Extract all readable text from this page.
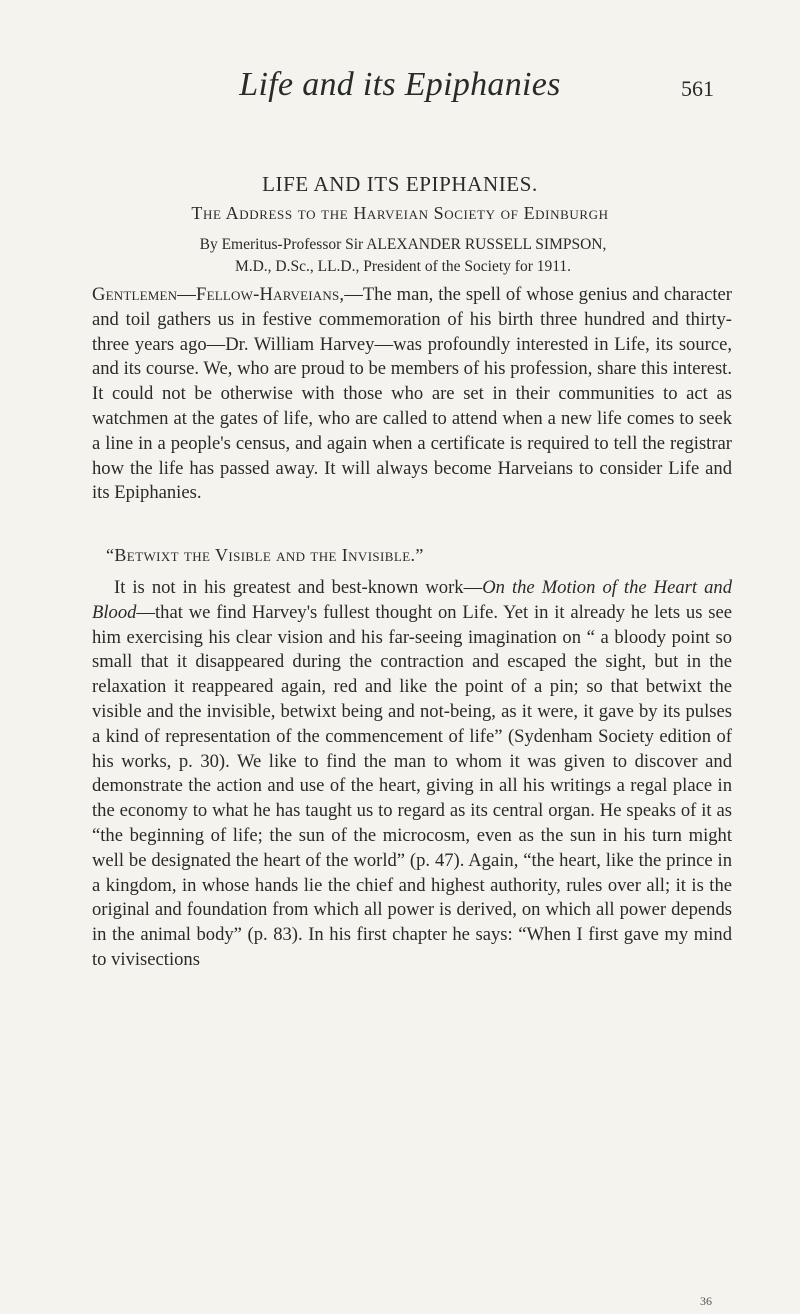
Life and its Epiphanies	561
LIFE AND ITS EPIPHANIES.
The Address to the Harveian Society of Edinburgh
By Emeritus-Professor Sir ALEXANDER RUSSELL SIMPSON,
M.D., D.Sc., LL.D., President of the Society for 1911.
Gentlemen—Fellow-Harveians,—The man, the spell of whose genius and character and toil gathers us in festive commemoration of his birth three hundred and thirty-three years ago—Dr. William Harvey—was profoundly interested in Life, its source, and its course. We, who are proud to be members of his profession, share this interest. It could not be otherwise with those who are set in their communities to act as watchmen at the gates of life, who are called to attend when a new life comes to seek a line in a people's census, and again when a certificate is required to tell the registrar how the life has passed away. It will always become Harveians to consider Life and its Epiphanies.
“Betwixt the Visible and the Invisible.”
It is not in his greatest and best-known work—On the Motion of the Heart and Blood—that we find Harvey's fullest thought on Life. Yet in it already he lets us see him exercising his clear vision and his far-seeing imagination on “ a bloody point so small that it disappeared during the contraction and escaped the sight, but in the relaxation it reappeared again, red and like the point of a pin; so that betwixt the visible and the invisible, betwixt being and not-being, as it were, it gave by its pulses a kind of representation of the commencement of life” (Sydenham Society edition of his works, p. 30). We like to find the man to whom it was given to discover and demonstrate the action and use of the heart, giving in all his writings a regal place in the economy to what he has taught us to regard as its central organ. He speaks of it as “the beginning of life; the sun of the microcosm, even as the sun in his turn might well be designated the heart of the world” (p. 47). Again, “the heart, like the prince in a kingdom, in whose hands lie the chief and highest authority, rules over all; it is the original and foundation from which all power is derived, on which all power depends in the animal body” (p. 83). In his first chapter he says: “When I first gave my mind to vivisections
36
